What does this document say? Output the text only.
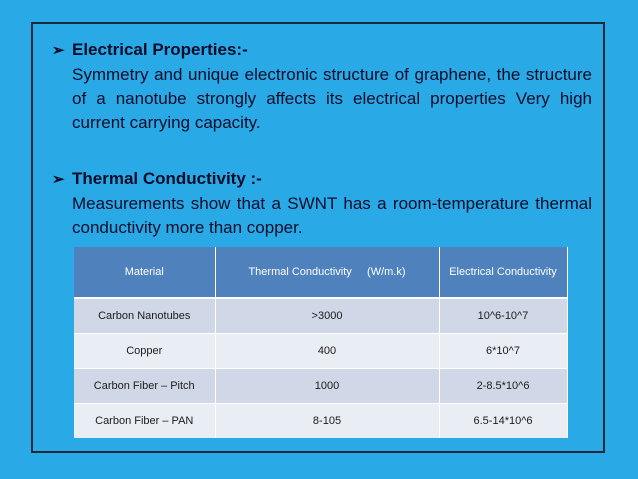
➢ Electrical Properties:-
Symmetry and unique electronic structure of graphene, the structure of a nanotube strongly affects its electrical properties Very high current carrying capacity.
➢ Thermal Conductivity :-
Measurements show that a SWNT has a room-temperature thermal conductivity more than copper.
Material	Thermal Conductivity     (W/m.k)	Electrical Conductivity
Carbon Nanotubes	>3000	10^6-10^7
Copper	400	6*10^7
Carbon Fiber – Pitch	1000	2-8.5*10^6
Carbon Fiber – PAN	8-105	6.5-14*10^6
